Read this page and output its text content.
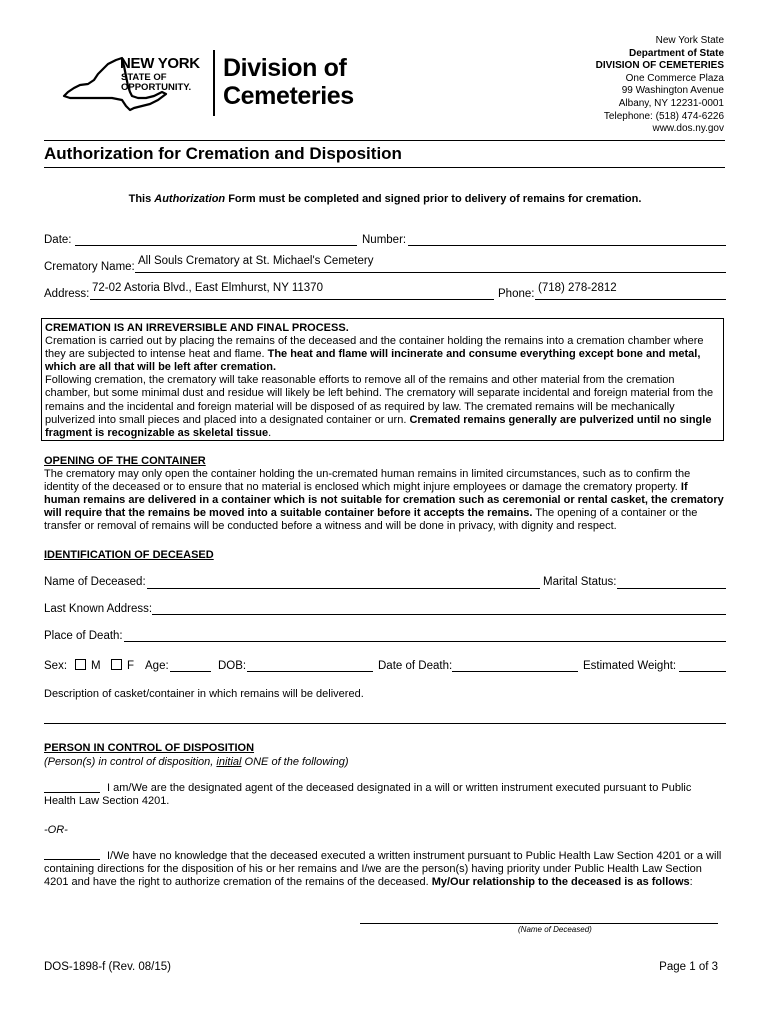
NEW YORK
STATE OF
OPPORTUNITY.
Division of
Cemeteries
New York State
Department of State
DIVISION OF CEMETERIES
One Commerce Plaza
99 Washington Avenue
Albany, NY 12231-0001
Telephone: (518) 474-6226
www.dos.ny.gov
Authorization for Cremation and Disposition
This Authorization Form must be completed and signed prior to delivery of remains for cremation.
Date:	Number:
Crematory Name: All Souls Crematory at St. Michael's Cemetery
Address: 72-02 Astoria Blvd., East Elmhurst, NY 11370	Phone: (718) 278-2812
CREMATION IS AN IRREVERSIBLE AND FINAL PROCESS.
Cremation is carried out by placing the remains of the deceased and the container holding the remains into a cremation chamber where they are subjected to intense heat and flame. The heat and flame will incinerate and consume everything except bone and metal, which are all that will be left after cremation.
Following cremation, the crematory will take reasonable efforts to remove all of the remains and other material from the cremation chamber, but some minimal dust and residue will likely be left behind. The crematory will separate incidental and foreign material from the remains and the incidental and foreign material will be disposed of as required by law. The cremated remains will be mechanically pulverized into small pieces and placed into a designated container or urn. Cremated remains generally are pulverized until no single fragment is recognizable as skeletal tissue.
OPENING OF THE CONTAINER
The crematory may only open the container holding the un-cremated human remains in limited circumstances, such as to confirm the identity of the deceased or to ensure that no material is enclosed which might injure employees or damage the crematory property. If human remains are delivered in a container which is not suitable for cremation such as ceremonial or rental casket, the crematory will require that the remains be moved into a suitable container before it accepts the remains. The opening of a container or the transfer or removal of remains will be conducted before a witness and will be done in privacy, with dignity and respect.
IDENTIFICATION OF DECEASED
Name of Deceased:	Marital Status:
Last Known Address:
Place of Death:
Sex: M F Age:	DOB:	Date of Death:	Estimated Weight:
Description of casket/container in which remains will be delivered.
PERSON IN CONTROL OF DISPOSITION
(Person(s) in control of disposition, initial ONE of the following)
I am/We are the designated agent of the deceased designated in a will or written instrument executed pursuant to Public Health Law Section 4201.
-OR-
I/We have no knowledge that the deceased executed a written instrument pursuant to Public Health Law Section 4201 or a will containing directions for the disposition of his or her remains and I/we are the person(s) having priority under Public Health Law Section 4201 and have the right to authorize cremation of the remains of the deceased. My/Our relationship to the deceased is as follows:
(Name of Deceased)
DOS-1898-f (Rev. 08/15)	Page 1 of 3
